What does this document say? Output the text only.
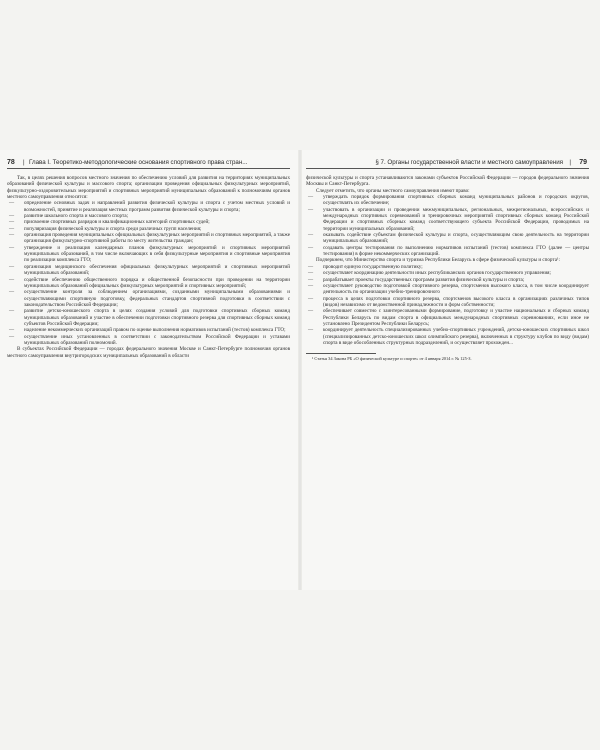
78 | Глава I. Теоретико-методологические основания спортивного права стран...

Так, в целях решения вопросов местного значения по обеспечению условий для развития на территориях муниципальных образований физической культуры и массового спорта; организации проведения официальных физкультурных мероприятий, физкультурно-оздоровительных мероприятий и спортивных мероприятий муниципальных образований к полномочиям органов местного самоуправления относятся:

— определение основных задач и направлений развития физической культуры и спорта с учетом местных условий и возможностей, принятие и реализация местных программ развития физической культуры и спорта;
— развитие школьного спорта и массового спорта;
— присвоение спортивных разрядов и квалификационных категорий спортивных судей;
— популяризация физической культуры и спорта среди различных групп населения;
— организация проведения муниципальных официальных физкультурных мероприятий и спортивных мероприятий, а также организация физкультурно-спортивной работы по месту жительства граждан;
— утверждение и реализация календарных планов физкультурных мероприятий и спортивных мероприятий муниципальных образований, в том числе включающих в себя физкультурные мероприятия и спортивные мероприятия по реализации комплекса ГТО;
— организация медицинского обеспечения официальных физкультурных мероприятий и спортивных мероприятий муниципальных образований;
— содействие обеспечению общественного порядка и общественной безопасности при проведении на территории муниципальных образований официальных физкультурных мероприятий и спортивных мероприятий;
— осуществление контроля за соблюдением организациями, созданными муниципальными образованиями и осуществляющими спортивную подготовку, федеральных стандартов спортивной подготовки в соответствии с законодательством Российской Федерации;
— развитие детско-юношеского спорта в целях создания условий для подготовки спортивных сборных команд муниципальных образований и участие в обеспечении подготовки спортивного резерва для спортивных сборных команд субъектов Российской Федерации;
— наделение некоммерческих организаций правом по оценке выполнения нормативов испытаний (тестов) комплекса ГТО;
— осуществление иных установленных в соответствии с законодательством Российской Федерации и уставами муниципальных образований полномочий.

В субъектах Российской Федерации — городах федерального значения Москве и Санкт-Петербурге полномочия органов местного самоуправления внутригородских муниципальных образований в области

§ 7. Органы государственной власти и местного самоуправления | 79

физической культуры и спорта устанавливаются законами субъектов Российской Федерации — городов федерального значения Москвы и Санкт-Петербурга.

Следует отметить, что органы местного самоуправления имеют право:

— утверждать порядок формирования спортивных сборных команд муниципальных районов и городских округов, осуществлять их обеспечение;
— участвовать в организации и проведении межмуниципальных, региональных, межрегиональных, всероссийских и международных спортивных соревнований и тренировочных мероприятий спортивных сборных команд Российской Федерации и спортивных сборных команд соответствующего субъекта Российской Федерации, проводимых на территории муниципальных образований;
— оказывать содействие субъектам физической культуры и спорта, осуществляющим свою деятельность на территории муниципальных образований;
— создавать центры тестирования по выполнению нормативов испытаний (тестов) комплекса ГТО (далее — центры тестирования) в форме некоммерческих организаций.

Подчеркнем, что Министерство спорта и туризма Республики Беларусь в сфере физической культуры и спорта¹:

— проводит единую государственную политику;
— осуществляет координацию деятельности иных республиканских органов государственного управления;
— разрабатывает проекты государственных программ развития физической культуры и спорта;
— осуществляет руководство подготовкой спортивного резерва, спортсменов высокого класса, в том числе координирует деятельность по организации учебно-тренировочного
— процесса в целях подготовки спортивного резерва, спортсменов высокого класса в организациях различных типов (видов) независимо от ведомственной принадлежности и форм собственности;
— обеспечивает совместно с заинтересованными формирование, подготовку и участие национальных и сборных команд Республики Беларусь по видам спорта в официальных международных спортивных соревнованиях, если иное не установлено Президентом Республики Беларусь;
— координирует деятельность специализированных учебно-спортивных учреждений, детско-юношеских спортивных школ (специализированных детско-юношеских школ олимпийского резерва), включенных в структуру клубов по виду (видам) спорта в виде обособленных структурных подразделений, и осуществляет прохожден...

¹ Статья 34 Закона РБ «О физической культуре и спорте» от 4 января 2014 г. № 125-З.
